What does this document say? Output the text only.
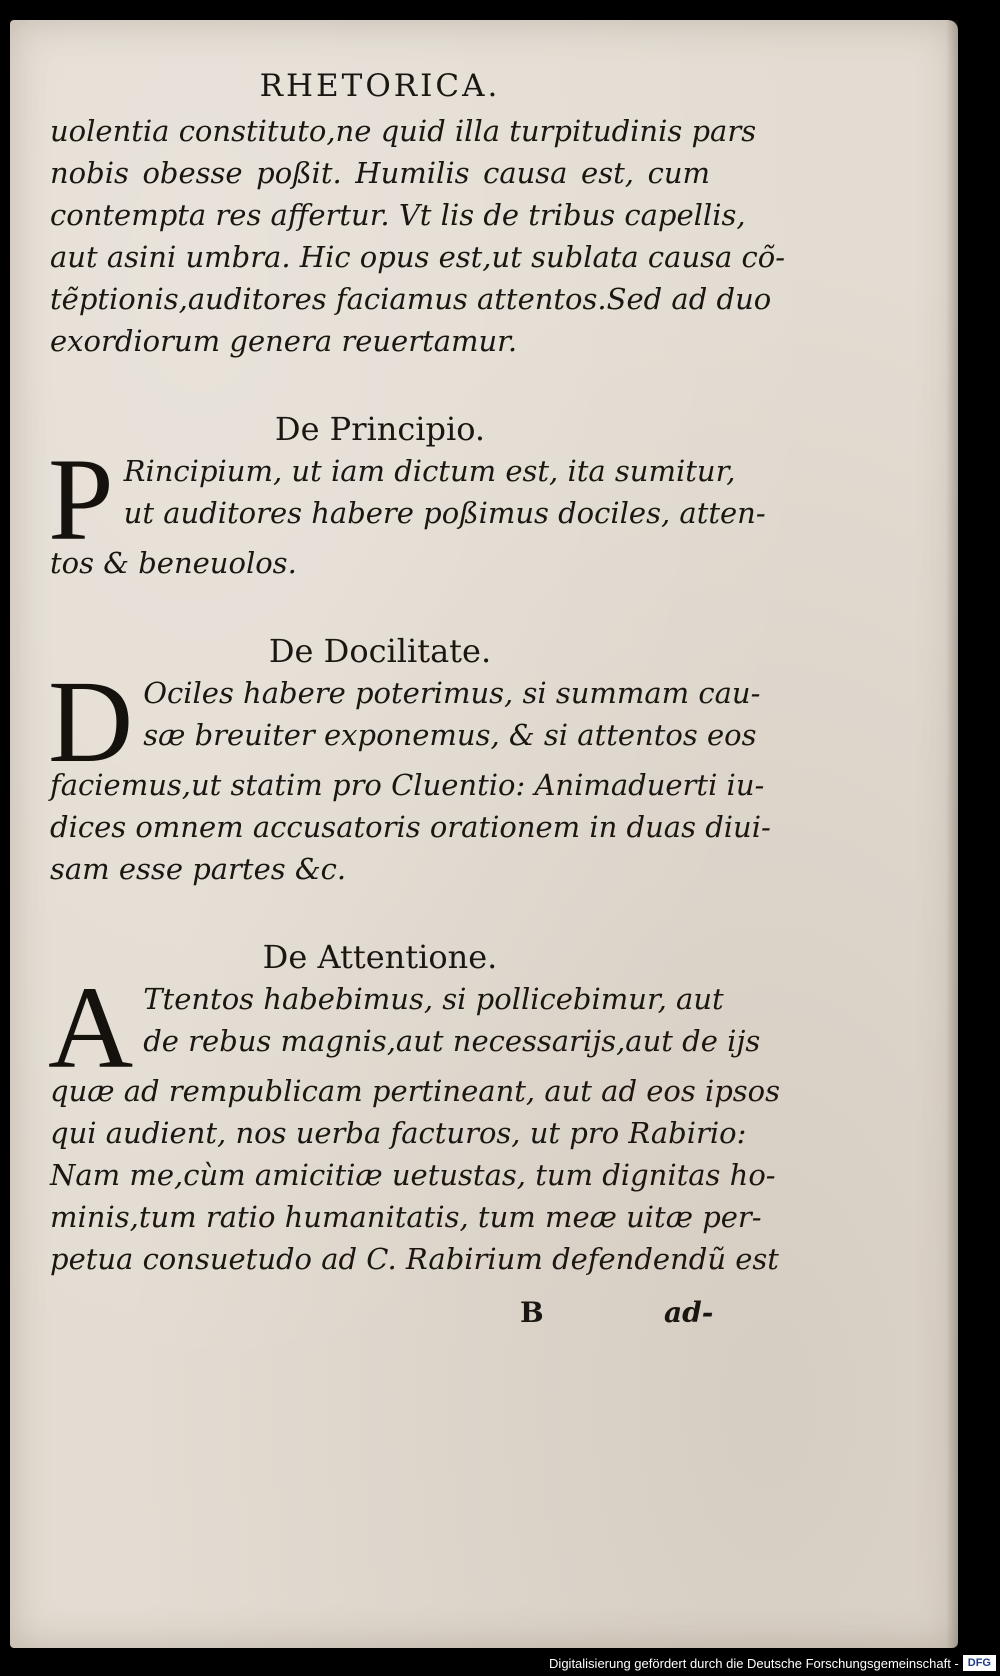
RHETORICA.
uolentia constituto,ne quid illa turpitudinis pars
nobis obesse poßit. Humilis causa est, cum
contempta res affertur. Vt lis de tribus capellis,
aut asini umbra. Hic opus est,ut sublata causa cõ-
tẽptionis,auditores faciamus attentos.Sed ad duo
exordiorum genera reuertamur.
De Principio.
P Rincipium, ut iam dictum est, ita sumitur,
ut auditores habere poßimus dociles, atten-
tos & beneuolos.
De Docilitate.
D Ociles habere poterimus, si summam cau-
sæ breuiter exponemus, & si attentos eos
faciemus,ut statim pro Cluentio: Animaduerti iu-
dices omnem accusatoris orationem in duas diui-
sam esse partes &c.
De Attentione.
A Ttentos habebimus, si pollicebimur, aut
de rebus magnis,aut necessarijs,aut de ijs
quæ ad rempublicam pertineant, aut ad eos ipsos
qui audient, nos uerba facturos, ut pro Rabirio:
Nam me,cùm amicitiæ uetustas, tum dignitas ho-
minis,tum ratio humanitatis, tum meæ uitæ per-
petua consuetudo ad C. Rabirium defendendũ est
B	ad-
Digitalisierung gefördert durch die Deutsche Forschungsgemeinschaft - DFG
